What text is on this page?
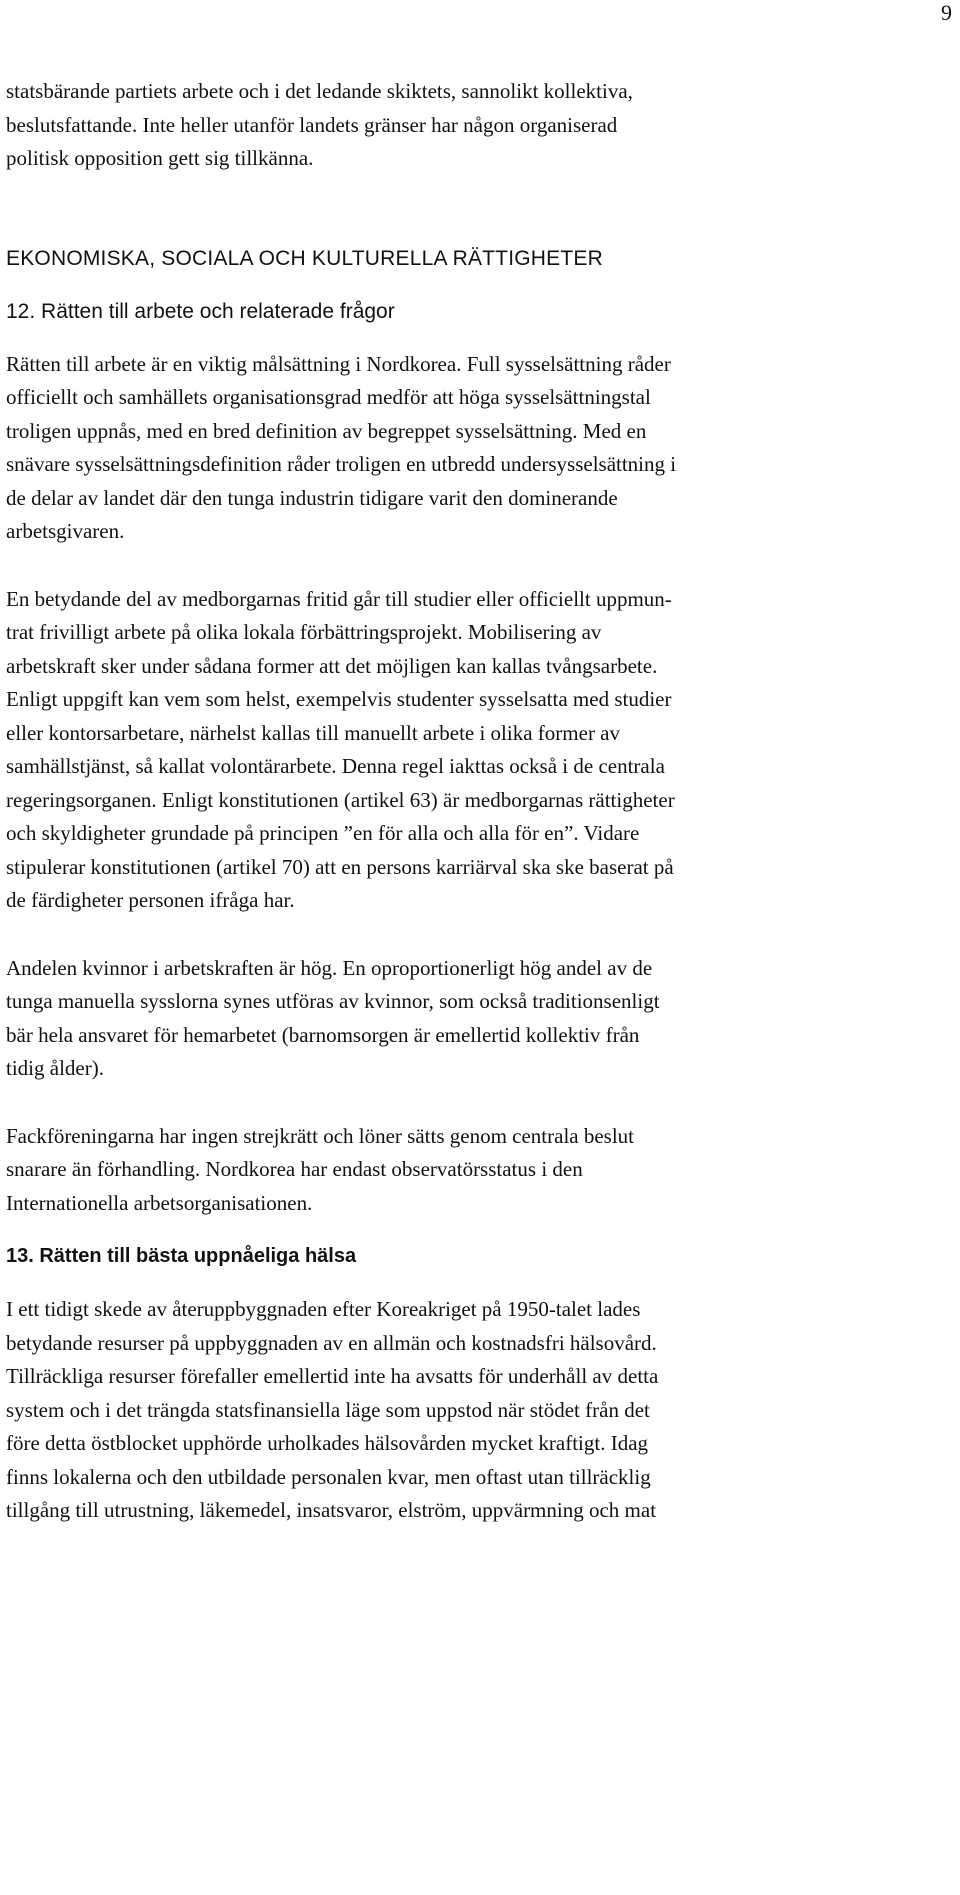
9

statsbärande partiets arbete och i det ledande skiktets, sannolikt kollektiva,
beslutsfattande. Inte heller utanför landets gränser har någon organiserad
politisk opposition gett sig tillkänna.

EKONOMISKA, SOCIALA OCH KULTURELLA RÄTTIGHETER
12. Rätten till arbete och relaterade frågor

Rätten till arbete är en viktig målsättning i Nordkorea. Full sysselsättning råder
officiellt och samhällets organisationsgrad medför att höga sysselsättningstal
troligen uppnås, med en bred definition av begreppet sysselsättning. Med en
snävare sysselsättningsdefinition råder troligen en utbredd undersysselsättning i
de delar av landet där den tunga industrin tidigare varit den dominerande
arbetsgivaren.

En betydande del av medborgarnas fritid går till studier eller officiellt uppmun-
trat frivilligt arbete på olika lokala förbättringsprojekt. Mobilisering av
arbetskraft sker under sådana former att det möjligen kan kallas tvångsarbete.
Enligt uppgift kan vem som helst, exempelvis studenter sysselsatta med studier
eller kontorsarbetare, närhelst kallas till manuellt arbete i olika former av
samhällstjänst, så kallat volontärarbete. Denna regel iakttas också i de centrala
regeringsorganen. Enligt konstitutionen (artikel 63) är medborgarnas rättigheter
och skyldigheter grundade på principen ”en för alla och alla för en”. Vidare
stipulerar konstitutionen (artikel 70) att en persons karriärval ska ske baserat på
de färdigheter personen ifråga har.

Andelen kvinnor i arbetskraften är hög. En oproportionerligt hög andel av de
tunga manuella sysslorna synes utföras av kvinnor, som också traditionsenligt
bär hela ansvaret för hemarbetet (barnomsorgen är emellertid kollektiv från
tidig ålder).

Fackföreningarna har ingen strejkrätt och löner sätts genom centrala beslut
snarare än förhandling. Nordkorea har endast observatörsstatus i den
Internationella arbetsorganisationen.

13. Rätten till bästa uppnåeliga hälsa

I ett tidigt skede av återuppbyggnaden efter Koreakriget på 1950-talet lades
betydande resurser på uppbyggnaden av en allmän och kostnadsfri hälsovård.
Tillräckliga resurser förefaller emellertid inte ha avsatts för underhåll av detta
system och i det trängda statsfinansiella läge som uppstod när stödet från det
före detta östblocket upphörde urholkades hälsovården mycket kraftigt. Idag
finns lokalerna och den utbildade personalen kvar, men oftast utan tillräcklig
tillgång till utrustning, läkemedel, insatsvaror, elström, uppvärmning och mat
